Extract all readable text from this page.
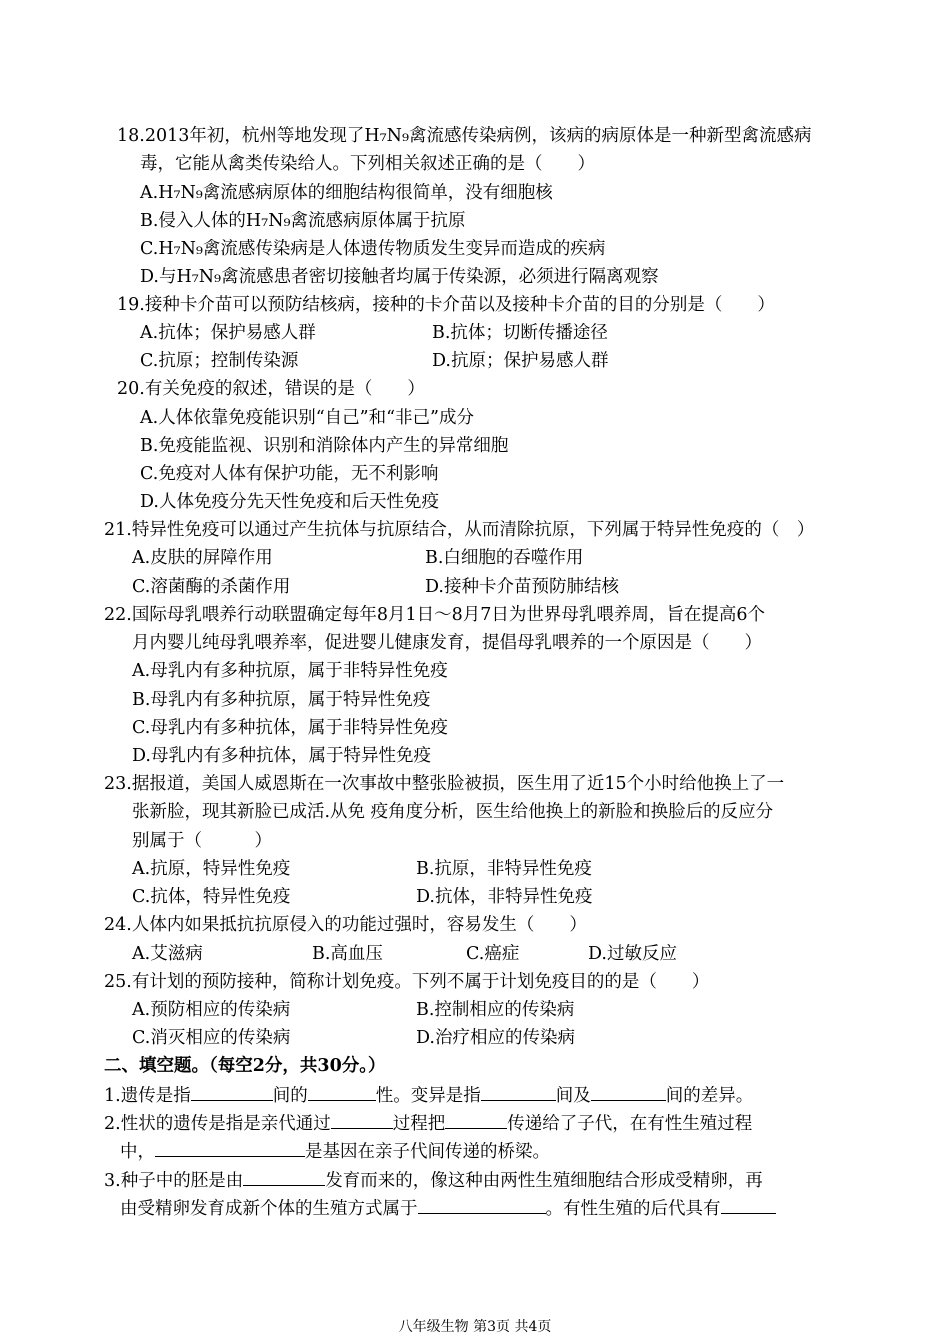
18.2013年初，杭州等地发现了H₇N₉禽流感传染病例，该病的病原体是一种新型禽流感病
毒，它能从禽类传染给人。下列相关叙述正确的是（　　）
A.H₇N₉禽流感病原体的细胞结构很简单，没有细胞核
B.侵入人体的H₇N₉禽流感病原体属于抗原
C.H₇N₉禽流感传染病是人体遗传物质发生变异而造成的疾病
D.与H₇N₉禽流感患者密切接触者均属于传染源，必须进行隔离观察
19.接种卡介苗可以预防结核病，接种的卡介苗以及接种卡介苗的目的分别是（　　）
A.抗体；保护易感人群	B.抗体；切断传播途径
C.抗原；控制传染源	D.抗原；保护易感人群
20.有关免疫的叙述，错误的是（　　）
A.人体依靠免疫能识别“自己”和“非己”成分
B.免疫能监视、识别和消除体内产生的异常细胞
C.免疫对人体有保护功能，无不利影响
D.人体免疫分先天性免疫和后天性免疫
21.特异性免疫可以通过产生抗体与抗原结合，从而清除抗原，下列属于特异性免疫的（　）
A.皮肤的屏障作用	B.白细胞的吞噬作用
C.溶菌酶的杀菌作用	D.接种卡介苗预防肺结核
22.国际母乳喂养行动联盟确定每年8月1日～8月7日为世界母乳喂养周，旨在提高6个
月内婴儿纯母乳喂养率，促进婴儿健康发育，提倡母乳喂养的一个原因是（　　）
A.母乳内有多种抗原，属于非特异性免疫
B.母乳内有多种抗原，属于特异性免疫
C.母乳内有多种抗体，属于非特异性免疫
D.母乳内有多种抗体，属于特异性免疫
23.据报道，美国人威恩斯在一次事故中整张脸被损，医生用了近15个小时给他换上了一
张新脸，现其新脸已成活.从免 疫角度分析，医生给他换上的新脸和换脸后的反应分
别属于（　　　）
A.抗原，特异性免疫	B.抗原，非特异性免疫
C.抗体，特异性免疫	D.抗体，非特异性免疫
24.人体内如果抵抗抗原侵入的功能过强时，容易发生（　　）
A.艾滋病	B.高血压	C.癌症	D.过敏反应
25.有计划的预防接种，简称计划免疫。下列不属于计划免疫目的的是（　　）
A.预防相应的传染病	B.控制相应的传染病
C.消灭相应的传染病	D.治疗相应的传染病
二、填空题。（每空2分，共30分。）
1.遗传是指	间的	性。变异是指	间及	间的差异。
2.性状的遗传是指是亲代通过	过程把	传递给了子代，在有性生殖过程
中，	是基因在亲子代间传递的桥梁。
3.种子中的胚是由	发育而来的，像这种由两性生殖细胞结合形成受精卵，再
由受精卵发育成新个体的生殖方式属于	。有性生殖的后代具有
八年级生物 第3页 共4页
